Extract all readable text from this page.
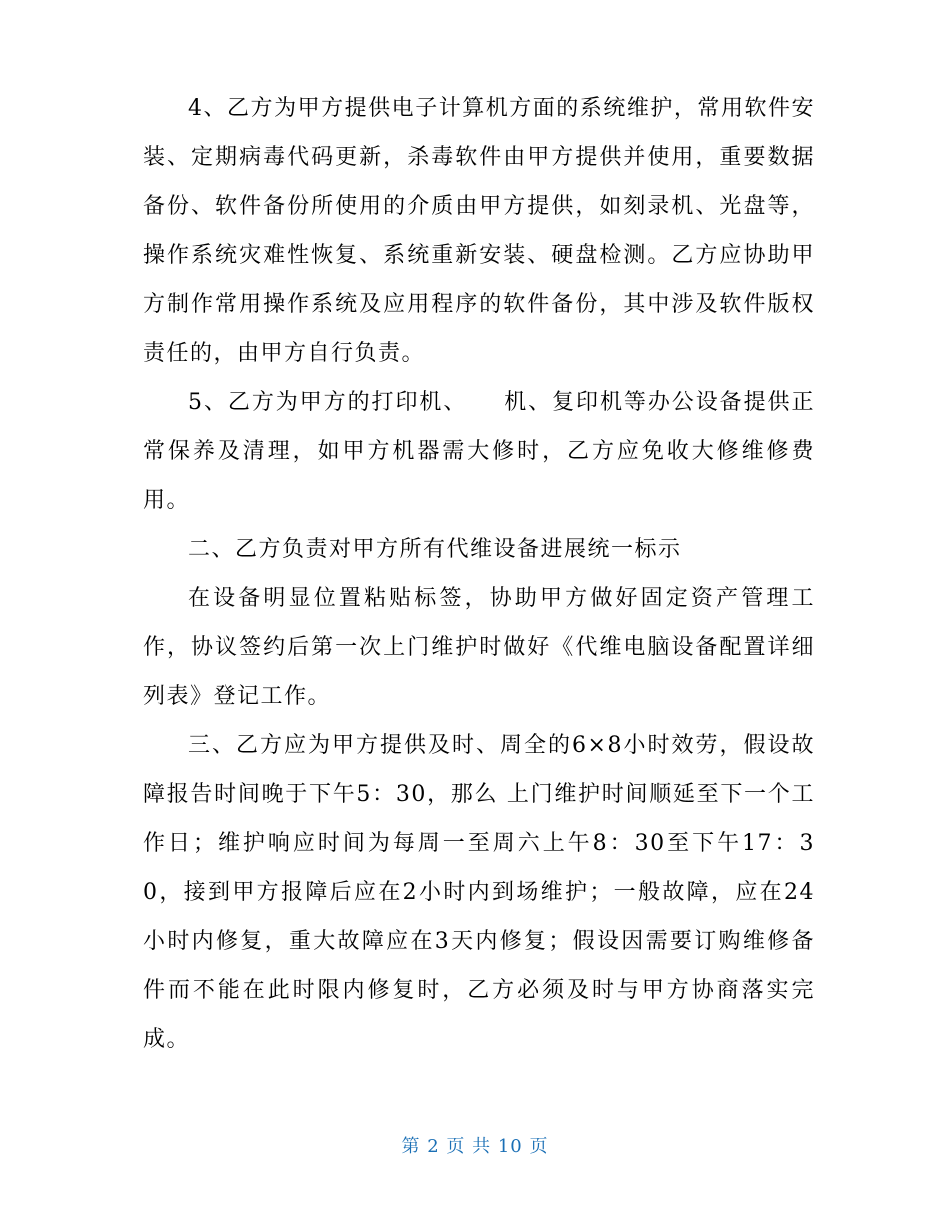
4、乙方为甲方提供电子计算机方面的系统维护，常用软件安装、定期病毒代码更新，杀毒软件由甲方提供并使用，重要数据备份、软件备份所使用的介质由甲方提供，如刻录机、光盘等，操作系统灾难性恢复、系统重新安装、硬盘检测。乙方应协助甲方制作常用操作系统及应用程序的软件备份，其中涉及软件版权责任的，由甲方自行负责。

5、乙方为甲方的打印机、　　机、复印机等办公设备提供正常保养及清理，如甲方机器需大修时，乙方应免收大修维修费用。

二、乙方负责对甲方所有代维设备进展统一标示

在设备明显位置粘贴标签，协助甲方做好固定资产管理工作，协议签约后第一次上门维护时做好《代维电脑设备配置详细列表》登记工作。

三、乙方应为甲方提供及时、周全的6×8小时效劳，假设故障报告时间晚于下午5：30，那么 上门维护时间顺延至下一个工作日；维护响应时间为每周一至周六上午8：30至下午17：30，接到甲方报障后应在2小时内到场维护；一般故障，应在24小时内修复，重大故障应在3天内修复；假设因需要订购维修备件而不能在此时限内修复时，乙方必须及时与甲方协商落实完成。

第 2 页 共 10 页
